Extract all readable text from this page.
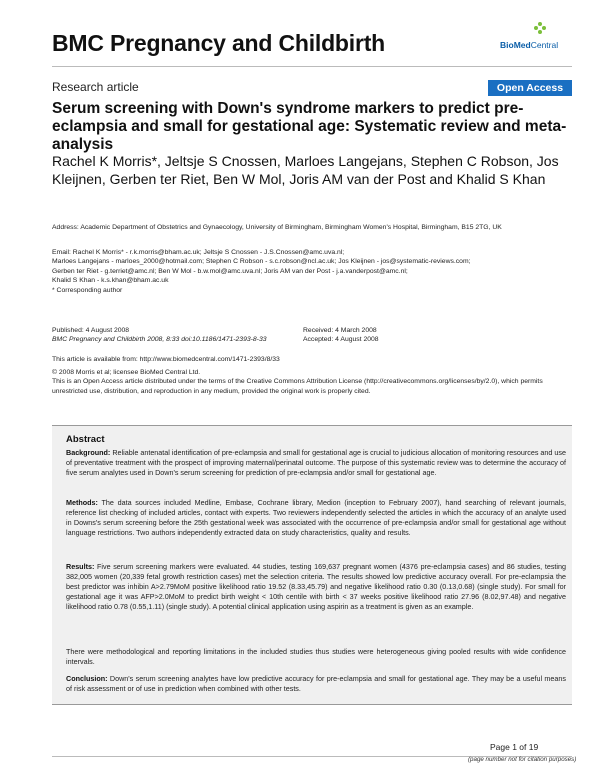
BMC Pregnancy and Childbirth	BioMedCentral
Research article	Open Access
Serum screening with Down's syndrome markers to predict pre-eclampsia and small for gestational age: Systematic review and meta-analysis
Rachel K Morris*, Jeltsje S Cnossen, Marloes Langejans, Stephen C Robson, Jos Kleijnen, Gerben ter Riet, Ben W Mol, Joris AM van der Post and Khalid S Khan
Address: Academic Department of Obstetrics and Gynaecology, University of Birmingham, Birmingham Women's Hospital, Birmingham, B15 2TG, UK
Email: Rachel K Morris* - r.k.morris@bham.ac.uk; Jeltsje S Cnossen - J.S.Cnossen@amc.uva.nl;
Marloes Langejans - marloes_2000@hotmail.com; Stephen C Robson - s.c.robson@ncl.ac.uk; Jos Kleijnen - jos@systematic-reviews.com;
Gerben ter Riet - g.terriet@amc.nl; Ben W Mol - b.w.mol@amc.uva.nl; Joris AM van der Post - j.a.vanderpost@amc.nl;
Khalid S Khan - k.s.khan@bham.ac.uk
* Corresponding author
Published: 4 August 2008
BMC Pregnancy and Childbirth 2008, 8:33 doi:10.1186/1471-2393-8-33
Received: 4 March 2008
Accepted: 4 August 2008
This article is available from: http://www.biomedcentral.com/1471-2393/8/33
© 2008 Morris et al; licensee BioMed Central Ltd.
This is an Open Access article distributed under the terms of the Creative Commons Attribution License (http://creativecommons.org/licenses/by/2.0), which permits unrestricted use, distribution, and reproduction in any medium, provided the original work is properly cited.
Abstract
Background: Reliable antenatal identification of pre-eclampsia and small for gestational age is crucial to judicious allocation of monitoring resources and use of preventative treatment with the prospect of improving maternal/perinatal outcome. The purpose of this systematic review was to determine the accuracy of five serum analytes used in Down's serum screening for prediction of pre-eclampsia and/or small for gestational age.
Methods: The data sources included Medline, Embase, Cochrane library, Medion (inception to February 2007), hand searching of relevant journals, reference list checking of included articles, contact with experts. Two reviewers independently selected the articles in which the accuracy of an analyte used in Downs's serum screening before the 25th gestational week was associated with the occurrence of pre-eclampsia and/or small for gestational age without language restrictions. Two authors independently extracted data on study characteristics, quality and results.
Results: Five serum screening markers were evaluated. 44 studies, testing 169,637 pregnant women (4376 pre-eclampsia cases) and 86 studies, testing 382,005 women (20,339 fetal growth restriction cases) met the selection criteria. The results showed low predictive accuracy overall. For pre-eclampsia the best predictor was inhibin A>2.79MoM positive likelihood ratio 19.52 (8.33,45.79) and negative likelihood ratio 0.30 (0.13,0.68) (single study). For small for gestational age it was AFP>2.0MoM to predict birth weight < 10th centile with birth < 37 weeks positive likelihood ratio 27.96 (8.02,97.48) and negative likelihood ratio 0.78 (0.55,1.11) (single study). A potential clinical application using aspirin as a treatment is given as an example.
There were methodological and reporting limitations in the included studies thus studies were heterogeneous giving pooled results with wide confidence intervals.
Conclusion: Down's serum screening analytes have low predictive accuracy for pre-eclampsia and small for gestational age. They may be a useful means of risk assessment or of use in prediction when combined with other tests.
Page 1 of 19
(page number not for citation purposes)
